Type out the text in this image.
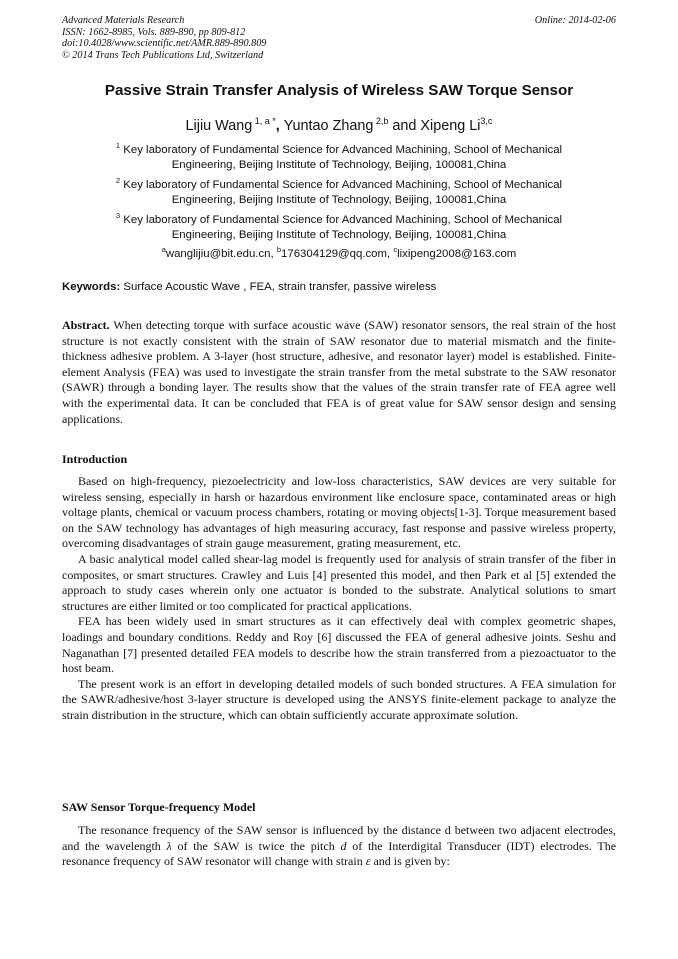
Advanced Materials Research
ISSN: 1662-8985, Vols. 889-890, pp 809-812
doi:10.4028/www.scientific.net/AMR.889-890.809
© 2014 Trans Tech Publications Ltd, Switzerland
Online: 2014-02-06
Passive Strain Transfer Analysis of Wireless SAW Torque Sensor
Lijiu Wang $^{1, a *}$, Yuntao Zhang $^{2,b}$ and Xipeng Li$^{3,c}$
$^1$ Key laboratory of Fundamental Science for Advanced Machining, School of Mechanical
Engineering, Beijing Institute of Technology, Beijing, 100081,China
$^2$ Key laboratory of Fundamental Science for Advanced Machining, School of Mechanical
Engineering, Beijing Institute of Technology, Beijing, 100081,China
$^3$ Key laboratory of Fundamental Science for Advanced Machining, School of Mechanical
Engineering, Beijing Institute of Technology, Beijing, 100081,China
$^a$wanglijiu@bit.edu.cn, $^b$176304129@qq.com, $^c$lixipeng2008@163.com
Keywords: Surface Acoustic Wave , FEA, strain transfer, passive wireless

Abstract. When detecting torque with surface acoustic wave (SAW) resonator sensors, the real strain of the host structure is not exactly consistent with the strain of SAW resonator due to material mismatch and the finite-thickness adhesive problem. A 3-layer (host structure, adhesive, and resonator layer) model is established. Finite-element Analysis (FEA) was used to investigate the strain transfer from the metal substrate to the SAW resonator (SAWR) through a bonding layer. The results show that the values of the strain transfer rate of FEA agree well with the experimental data. It can be concluded that FEA is of great value for SAW sensor design and sensing applications.

Introduction

Based on high-frequency, piezoelectricity and low-loss characteristics, SAW devices are very suitable for wireless sensing, especially in harsh or hazardous environment like enclosure space, contaminated areas or high voltage plants, chemical or vacuum process chambers, rotating or moving objects[1-3]. Torque measurement based on the SAW technology has advantages of high measuring accuracy, fast response and passive wireless property, overcoming disadvantages of strain gauge measurement, grating measurement, etc.

A basic analytical model called shear-lag model is frequently used for analysis of strain transfer of the fiber in composites, or smart structures. Crawley and Luis [4] presented this model, and then Park et al [5] extended the approach to study cases wherein only one actuator is bonded to the substrate. Analytical solutions to smart structures are either limited or too complicated for practical applications.

FEA has been widely used in smart structures as it can effectively deal with complex geometric shapes, loadings and boundary conditions. Reddy and Roy [6] discussed the FEA of general adhesive joints. Seshu and Naganathan [7] presented detailed FEA models to describe how the strain transferred from a piezoactuator to the host beam.

The present work is an effort in developing detailed models of such bonded structures. A FEA simulation for the SAWR/adhesive/host 3-layer structure is developed using the ANSYS finite-element package to analyze the strain distribution in the structure, which can obtain sufficiently accurate approximate solution.

SAW Sensor Torque-frequency Model

The resonance frequency of the SAW sensor is influenced by the distance d between two adjacent electrodes, and the wavelength λ of the SAW is twice the pitch d of the Interdigital Transducer (IDT) electrodes. The resonance frequency of SAW resonator will change with strain ε and is given by:
